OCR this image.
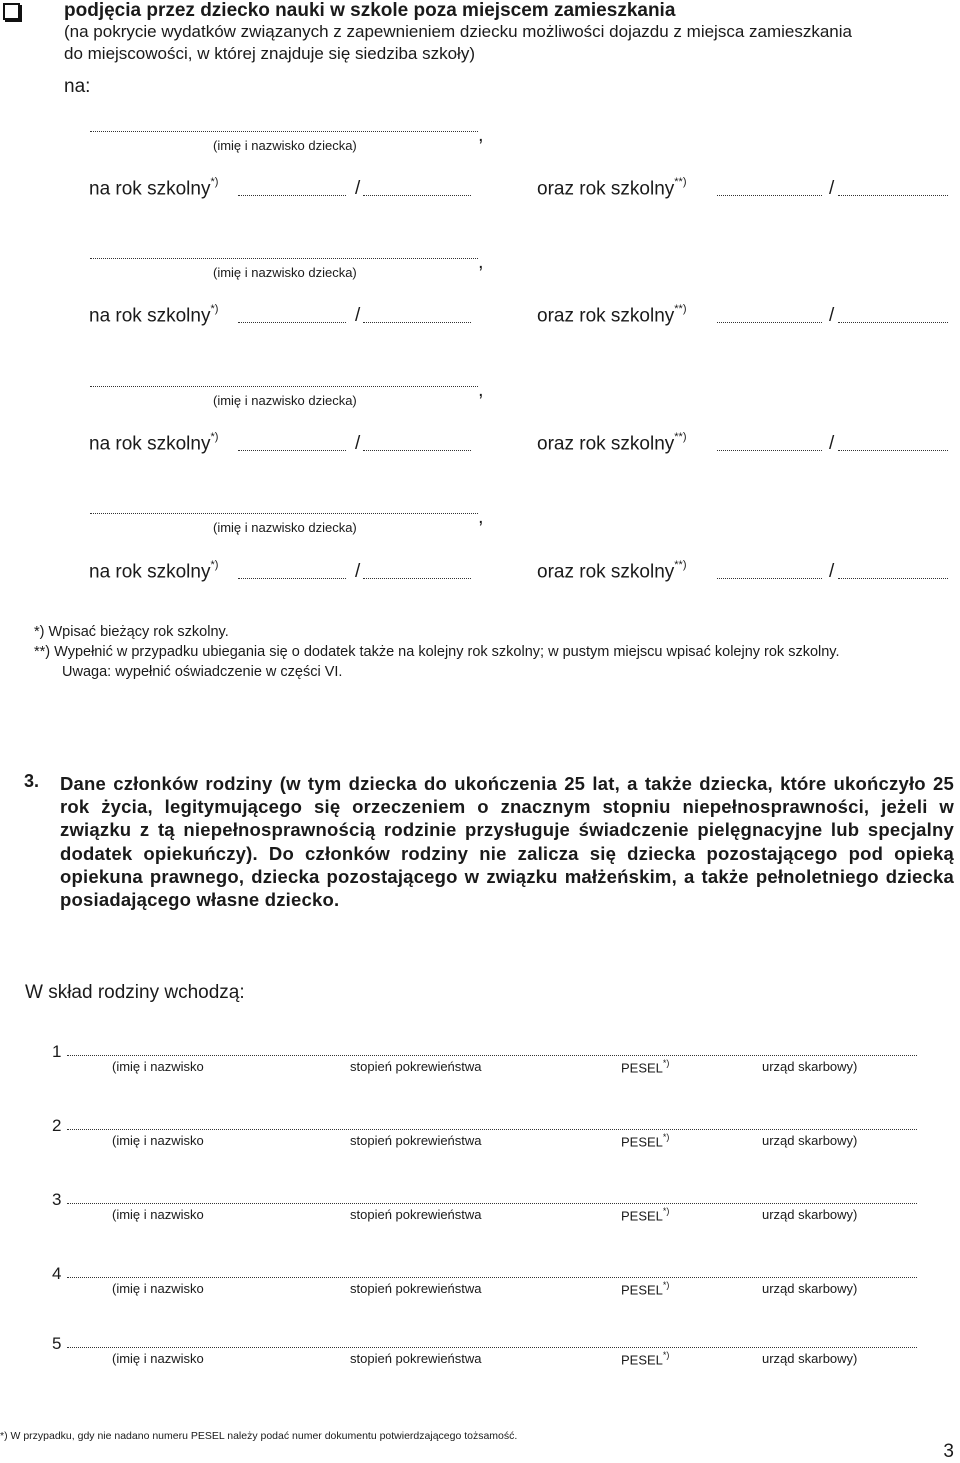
podjęcia przez dziecko nauki w szkole poza miejscem zamieszkania
(na pokrycie wydatków związanych z zapewnieniem dziecku możliwości dojazdu z miejsca zamieszkania
do miejscowości, w której znajduje się siedziba szkoły)
na:
,
(imię i nazwisko dziecka)
na rok szkolny*)	/	oraz rok szkolny**)	/
,
(imię i nazwisko dziecka)
na rok szkolny*)	/	oraz rok szkolny**)	/
,
(imię i nazwisko dziecka)
na rok szkolny*)	/	oraz rok szkolny**)	/
,
(imię i nazwisko dziecka)
na rok szkolny*)	/	oraz rok szkolny**)	/
*) Wpisać bieżący rok szkolny.
**) Wypełnić w przypadku ubiegania się o dodatek także na kolejny rok szkolny; w pustym miejscu wpisać kolejny rok szkolny.
Uwaga: wypełnić oświadczenie w części VI.
3. Dane członków rodziny (w tym dziecka do ukończenia 25 lat, a także dziecka, które ukończyło 25 rok życia, legitymującego się orzeczeniem o znacznym stopniu niepełnosprawności, jeżeli w związku z tą niepełnosprawnością rodzinie przysługuje świadczenie pielęgnacyjne lub specjalny dodatek opiekuńczy). Do członków rodziny nie zalicza się dziecka pozostającego pod opieką opiekuna prawnego, dziecka pozostającego w związku małżeńskim, a także pełnoletniego dziecka posiadającego własne dziecko.
W skład rodziny wchodzą:
1
(imię i nazwisko	stopień pokrewieństwa	PESEL*)	urząd skarbowy)
2
(imię i nazwisko	stopień pokrewieństwa	PESEL*)	urząd skarbowy)
3
(imię i nazwisko	stopień pokrewieństwa	PESEL*)	urząd skarbowy)
4
(imię i nazwisko	stopień pokrewieństwa	PESEL*)	urząd skarbowy)
5
(imię i nazwisko	stopień pokrewieństwa	PESEL*)	urząd skarbowy)
*) W przypadku, gdy nie nadano numeru PESEL należy podać numer dokumentu potwierdzającego tożsamość.
3
